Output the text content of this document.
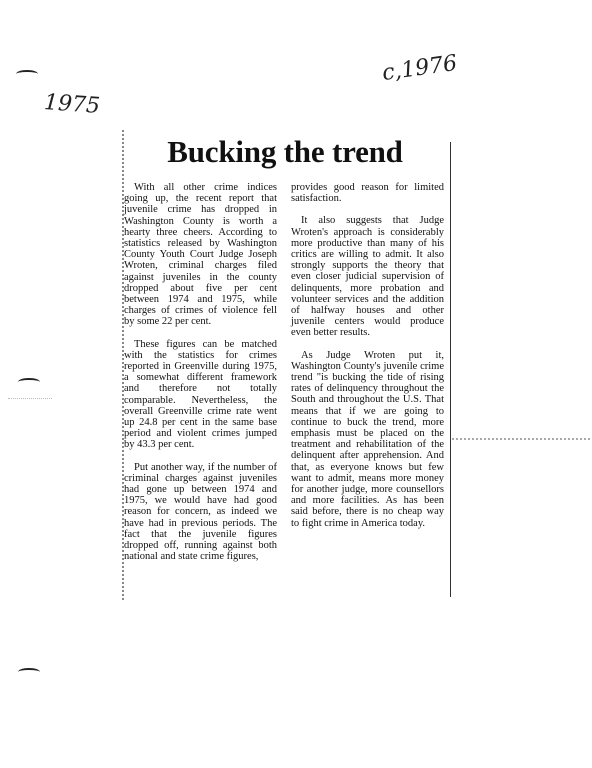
1975
c,1976
Bucking the trend

With all other crime indices going up, the recent report that juvenile crime has dropped in Washington County is worth a hearty three cheers. According to statistics released by Washington County Youth Court Judge Joseph Wroten, criminal charges filed against juveniles in the county dropped about five per cent between 1974 and 1975, while charges of crimes of violence fell by some 22 per cent.

These figures can be matched with the statistics for crimes reported in Greenville during 1975, a somewhat different framework and therefore not totally comparable. Nevertheless, the overall Greenville crime rate went up 24.8 per cent in the same base period and violent crimes jumped by 43.3 per cent.

Put another way, if the number of criminal charges against juveniles had gone up between 1974 and 1975, we would have had good reason for concern, as indeed we have had in previous periods. The fact that the juvenile figures dropped off, running against both national and state crime figures,

provides good reason for limited satisfaction.

It also suggests that Judge Wroten's approach is considerably more productive than many of his critics are willing to admit. It also strongly supports the theory that even closer judicial supervision of delinquents, more probation and volunteer services and the addition of halfway houses and other juvenile centers would produce even better results.

As Judge Wroten put it, Washington County's juvenile crime trend "is bucking the tide of rising rates of delinquency throughout the South and throughout the U.S. That means that if we are going to continue to buck the trend, more emphasis must be placed on the treatment and rehabilitation of the delinquent after apprehension. And that, as everyone knows but few want to admit, means more money for another judge, more counsellors and more facilities. As has been said before, there is no cheap way to fight crime in America today.
